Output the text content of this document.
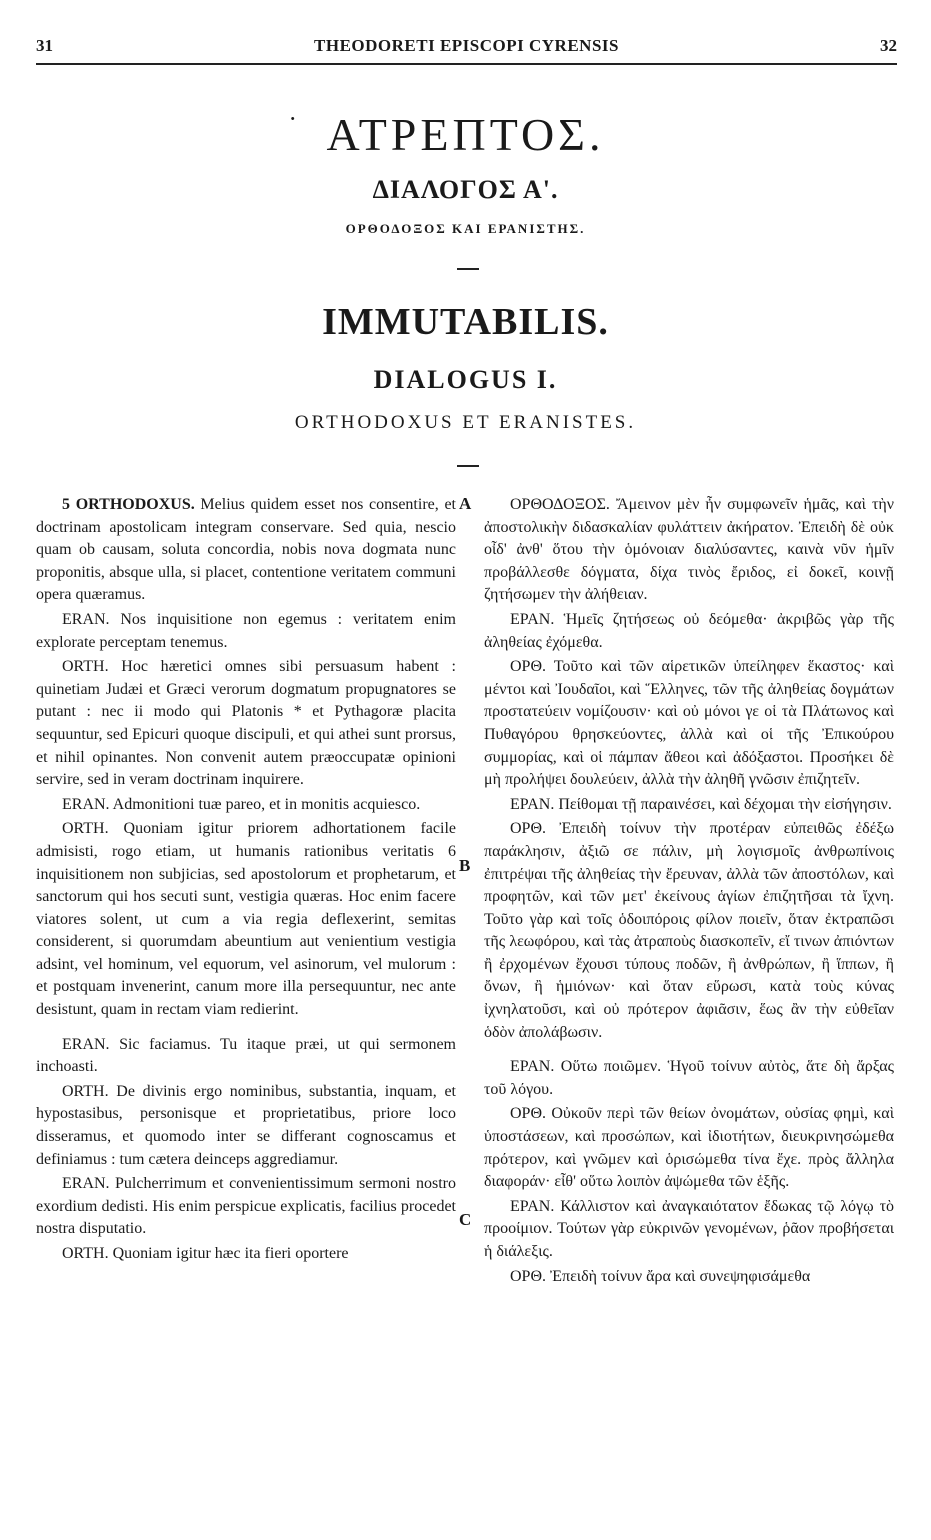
31	THEODORETI EPISCOPI CYRENSIS	32
˙ ΑΤΡΕΠΤΟΣ.
ΔΙΑΛΟΓΟΣ Α'.
ΟΡΘΟΔΟΞΟΣ ΚΑΙ ΕΡΑΝΙΣΤΗΣ.
IMMUTABILIS.
DIALOGUS I.
ORTHODOXUS ET ERANISTES.

5 ORTHODOXUS. Melius quidem esset nos consentire, et doctrinam apostolicam integram conservare. Sed quia, nescio quam ob causam, soluta concordia, nobis nova dogmata nunc proponitis, absque ulla, si placet, contentione veritatem communi opera quæramus.

ERAN. Nos inquisitione non egemus : veritatem enim explorate perceptam tenemus.

ORTH. Hoc hæretici omnes sibi persuasum habent : quinetiam Judæi et Græci verorum dogmatum propugnatores se putant : nec ii modo qui Platonis * et Pythagoræ placita sequuntur, sed Epicuri quoque discipuli, et qui athei sunt prorsus, et nihil opinantes. Non convenit autem præoccupatæ opinioni servire, sed in veram doctrinam inquirere.

ERAN. Admonitioni tuæ pareo, et in monitis acquiesco.

ORTH. Quoniam igitur priorem adhortationem facile admisisti, rogo etiam, ut humanis rationibus veritatis 6 inquisitionem non subjicias, sed apostolorum et prophetarum, et sanctorum qui hos secuti sunt, vestigia quæras. Hoc enim facere viatores solent, ut cum a via regia deflexerint, semitas considerent, si quorumdam abeuntium aut venientium vestigia adsint, vel hominum, vel equorum, vel asinorum, vel mulorum : et postquam invenerint, canum more illa persequuntur, nec ante desistunt, quam in rectam viam redierint.

ERAN. Sic faciamus. Tu itaque præi, ut qui sermonem inchoasti.

ORTH. De divinis ergo nominibus, substantia, inquam, et hypostasibus, personisque et proprietatibus, priore loco disseramus, et quomodo inter se differant cognoscamus et definiamus : tum cætera deinceps aggrediamur.

ERAN. Pulcherrimum et convenientissimum sermoni nostro exordium dedisti. His enim perspicue explicatis, facilius procedet nostra disputatio.

ORTH. Quoniam igitur hæc ita fieri oportere

A
B
C

ΟΡΘΟΔΟΞΟΣ. Ἄμεινον μὲν ἦν συμφωνεῖν ἡμᾶς, καὶ τὴν ἀποστολικὴν διδασκαλίαν φυλάττειν ἀκήρατον. Ἐπειδὴ δὲ οὐκ οἶδ' ἀνθ' ὅτου τὴν ὁμόνοιαν διαλύσαντες, καινὰ νῦν ἡμῖν προβάλλεσθε δόγματα, δίχα τινὸς ἔριδος, εἰ δοκεῖ, κοινῇ ζητήσωμεν τὴν ἀλήθειαν.

ΕΡΑΝ. Ἡμεῖς ζητήσεως οὐ δεόμεθα· ἀκριβῶς γὰρ τῆς ἀληθείας ἐχόμεθα.

ΟΡΘ. Τοῦτο καὶ τῶν αἱρετικῶν ὑπείληφεν ἕκαστος· καὶ μέντοι καὶ Ἰουδαῖοι, καὶ Ἕλληνες, τῶν τῆς ἀληθείας δογμάτων προστατεύειν νομίζουσιν· καὶ οὐ μόνοι γε οἱ τὰ Πλάτωνος καὶ Πυθαγόρου θρησκεύοντες, ἀλλὰ καὶ οἱ τῆς Ἐπικούρου συμμορίας, καὶ οἱ πάμπαν ἄθεοι καὶ ἀδόξαστοι. Προσήκει δὲ μὴ προλήψει δουλεύειν, ἀλλὰ τὴν ἀληθῆ γνῶσιν ἐπιζητεῖν.

ΕΡΑΝ. Πείθομαι τῇ παραινέσει, καὶ δέχομαι τὴν εἰσήγησιν.

ΟΡΘ. Ἐπειδὴ τοίνυν τὴν προτέραν εὐπειθῶς ἐδέξω παράκλησιν, ἀξιῶ σε πάλιν, μὴ λογισμοῖς ἀνθρωπίνοις ἐπιτρέψαι τῆς ἀληθείας τὴν ἔρευναν, ἀλλὰ τῶν ἀποστόλων, καὶ προφητῶν, καὶ τῶν μετ' ἐκείνους ἁγίων ἐπιζητῆσαι τὰ ἴχνη. Τοῦτο γὰρ καὶ τοῖς ὁδοιπόροις φίλον ποιεῖν, ὅταν ἐκτραπῶσι τῆς λεωφόρου, καὶ τὰς ἀτραποὺς διασκοπεῖν, εἴ τινων ἀπιόντων ἢ ἐρχομένων ἔχουσι τύπους ποδῶν, ἢ ἀνθρώπων, ἢ ἵππων, ἢ ὄνων, ἢ ἡμιόνων· καὶ ὅταν εὕρωσι, κατὰ τοὺς κύνας ἰχνηλατοῦσι, καὶ οὐ πρότερον ἀφιᾶσιν, ἕως ἂν τὴν εὐθεῖαν ὁδὸν ἀπολάβωσιν.

ΕΡΑΝ. Οὕτω ποιῶμεν. Ἡγοῦ τοίνυν αὐτὸς, ἅτε δὴ ἄρξας τοῦ λόγου.

ΟΡΘ. Οὐκοῦν περὶ τῶν θείων ὀνομάτων, οὐσίας φημὶ, καὶ ὑποστάσεων, καὶ προσώπων, καὶ ἰδιοτήτων, διευκρινησώμεθα πρότερον, καὶ γνῶμεν καὶ ὁρισώμεθα τίνα ἔχε. πρὸς ἄλληλα διαφοράν· εἶθ' οὕτω λοιπὸν ἀψώμεθα τῶν ἑξῆς.

ΕΡΑΝ. Κάλλιστον καὶ ἀναγκαιότατον ἔδωκας τῷ λόγῳ τὸ προοίμιον. Τούτων γὰρ εὐκρινῶν γενομένων, ῥᾶον προβήσεται ἡ διάλεξις.

ΟΡΘ. Ἐπειδὴ τοίνυν ἄρα καὶ συνεψηφισάμεθα
